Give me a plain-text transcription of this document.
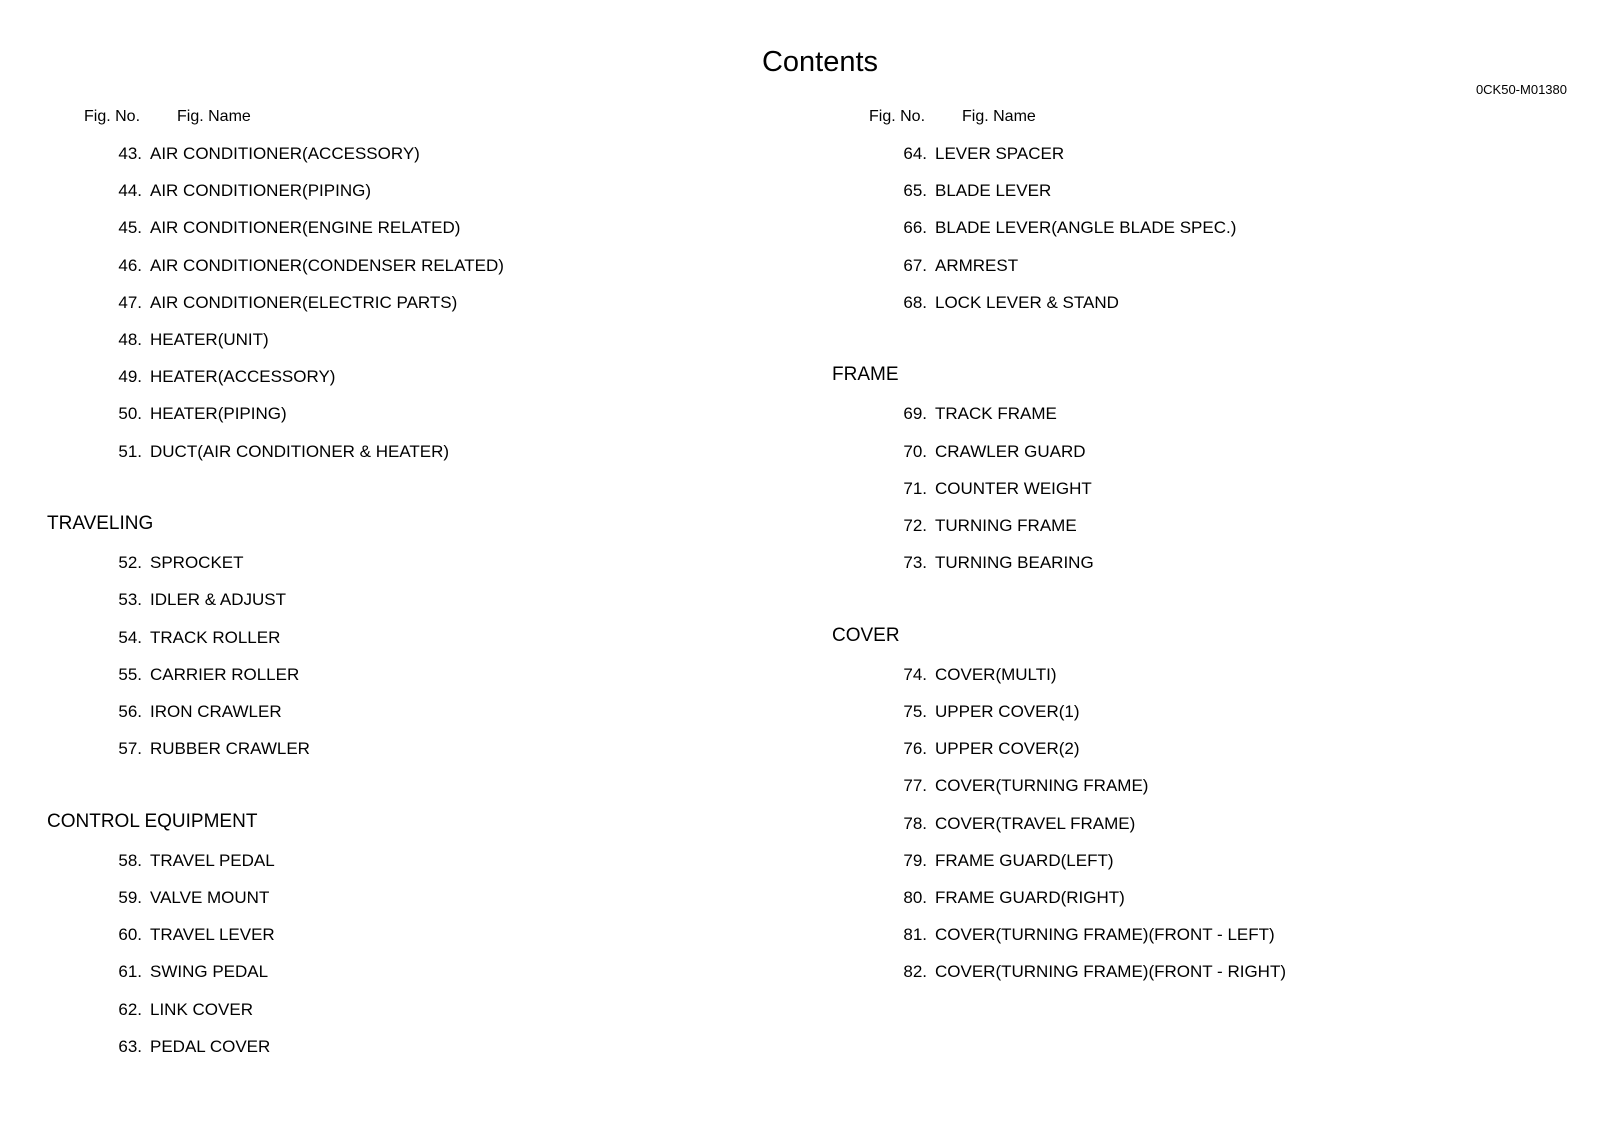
Contents
0CK50-M01380
Fig. No. Fig. Name
43. AIR CONDITIONER(ACCESSORY)
44. AIR CONDITIONER(PIPING)
45. AIR CONDITIONER(ENGINE RELATED)
46. AIR CONDITIONER(CONDENSER RELATED)
47. AIR CONDITIONER(ELECTRIC PARTS)
48. HEATER(UNIT)
49. HEATER(ACCESSORY)
50. HEATER(PIPING)
51. DUCT(AIR CONDITIONER & HEATER)
TRAVELING
52. SPROCKET
53. IDLER & ADJUST
54. TRACK ROLLER
55. CARRIER ROLLER
56. IRON CRAWLER
57. RUBBER CRAWLER
CONTROL EQUIPMENT
58. TRAVEL PEDAL
59. VALVE MOUNT
60. TRAVEL LEVER
61. SWING PEDAL
62. LINK COVER
63. PEDAL COVER
Fig. No. Fig. Name
64. LEVER SPACER
65. BLADE LEVER
66. BLADE LEVER(ANGLE BLADE SPEC.)
67. ARMREST
68. LOCK LEVER & STAND
FRAME
69. TRACK FRAME
70. CRAWLER GUARD
71. COUNTER WEIGHT
72. TURNING FRAME
73. TURNING BEARING
COVER
74. COVER(MULTI)
75. UPPER COVER(1)
76. UPPER COVER(2)
77. COVER(TURNING FRAME)
78. COVER(TRAVEL FRAME)
79. FRAME GUARD(LEFT)
80. FRAME GUARD(RIGHT)
81. COVER(TURNING FRAME)(FRONT - LEFT)
82. COVER(TURNING FRAME)(FRONT - RIGHT)
